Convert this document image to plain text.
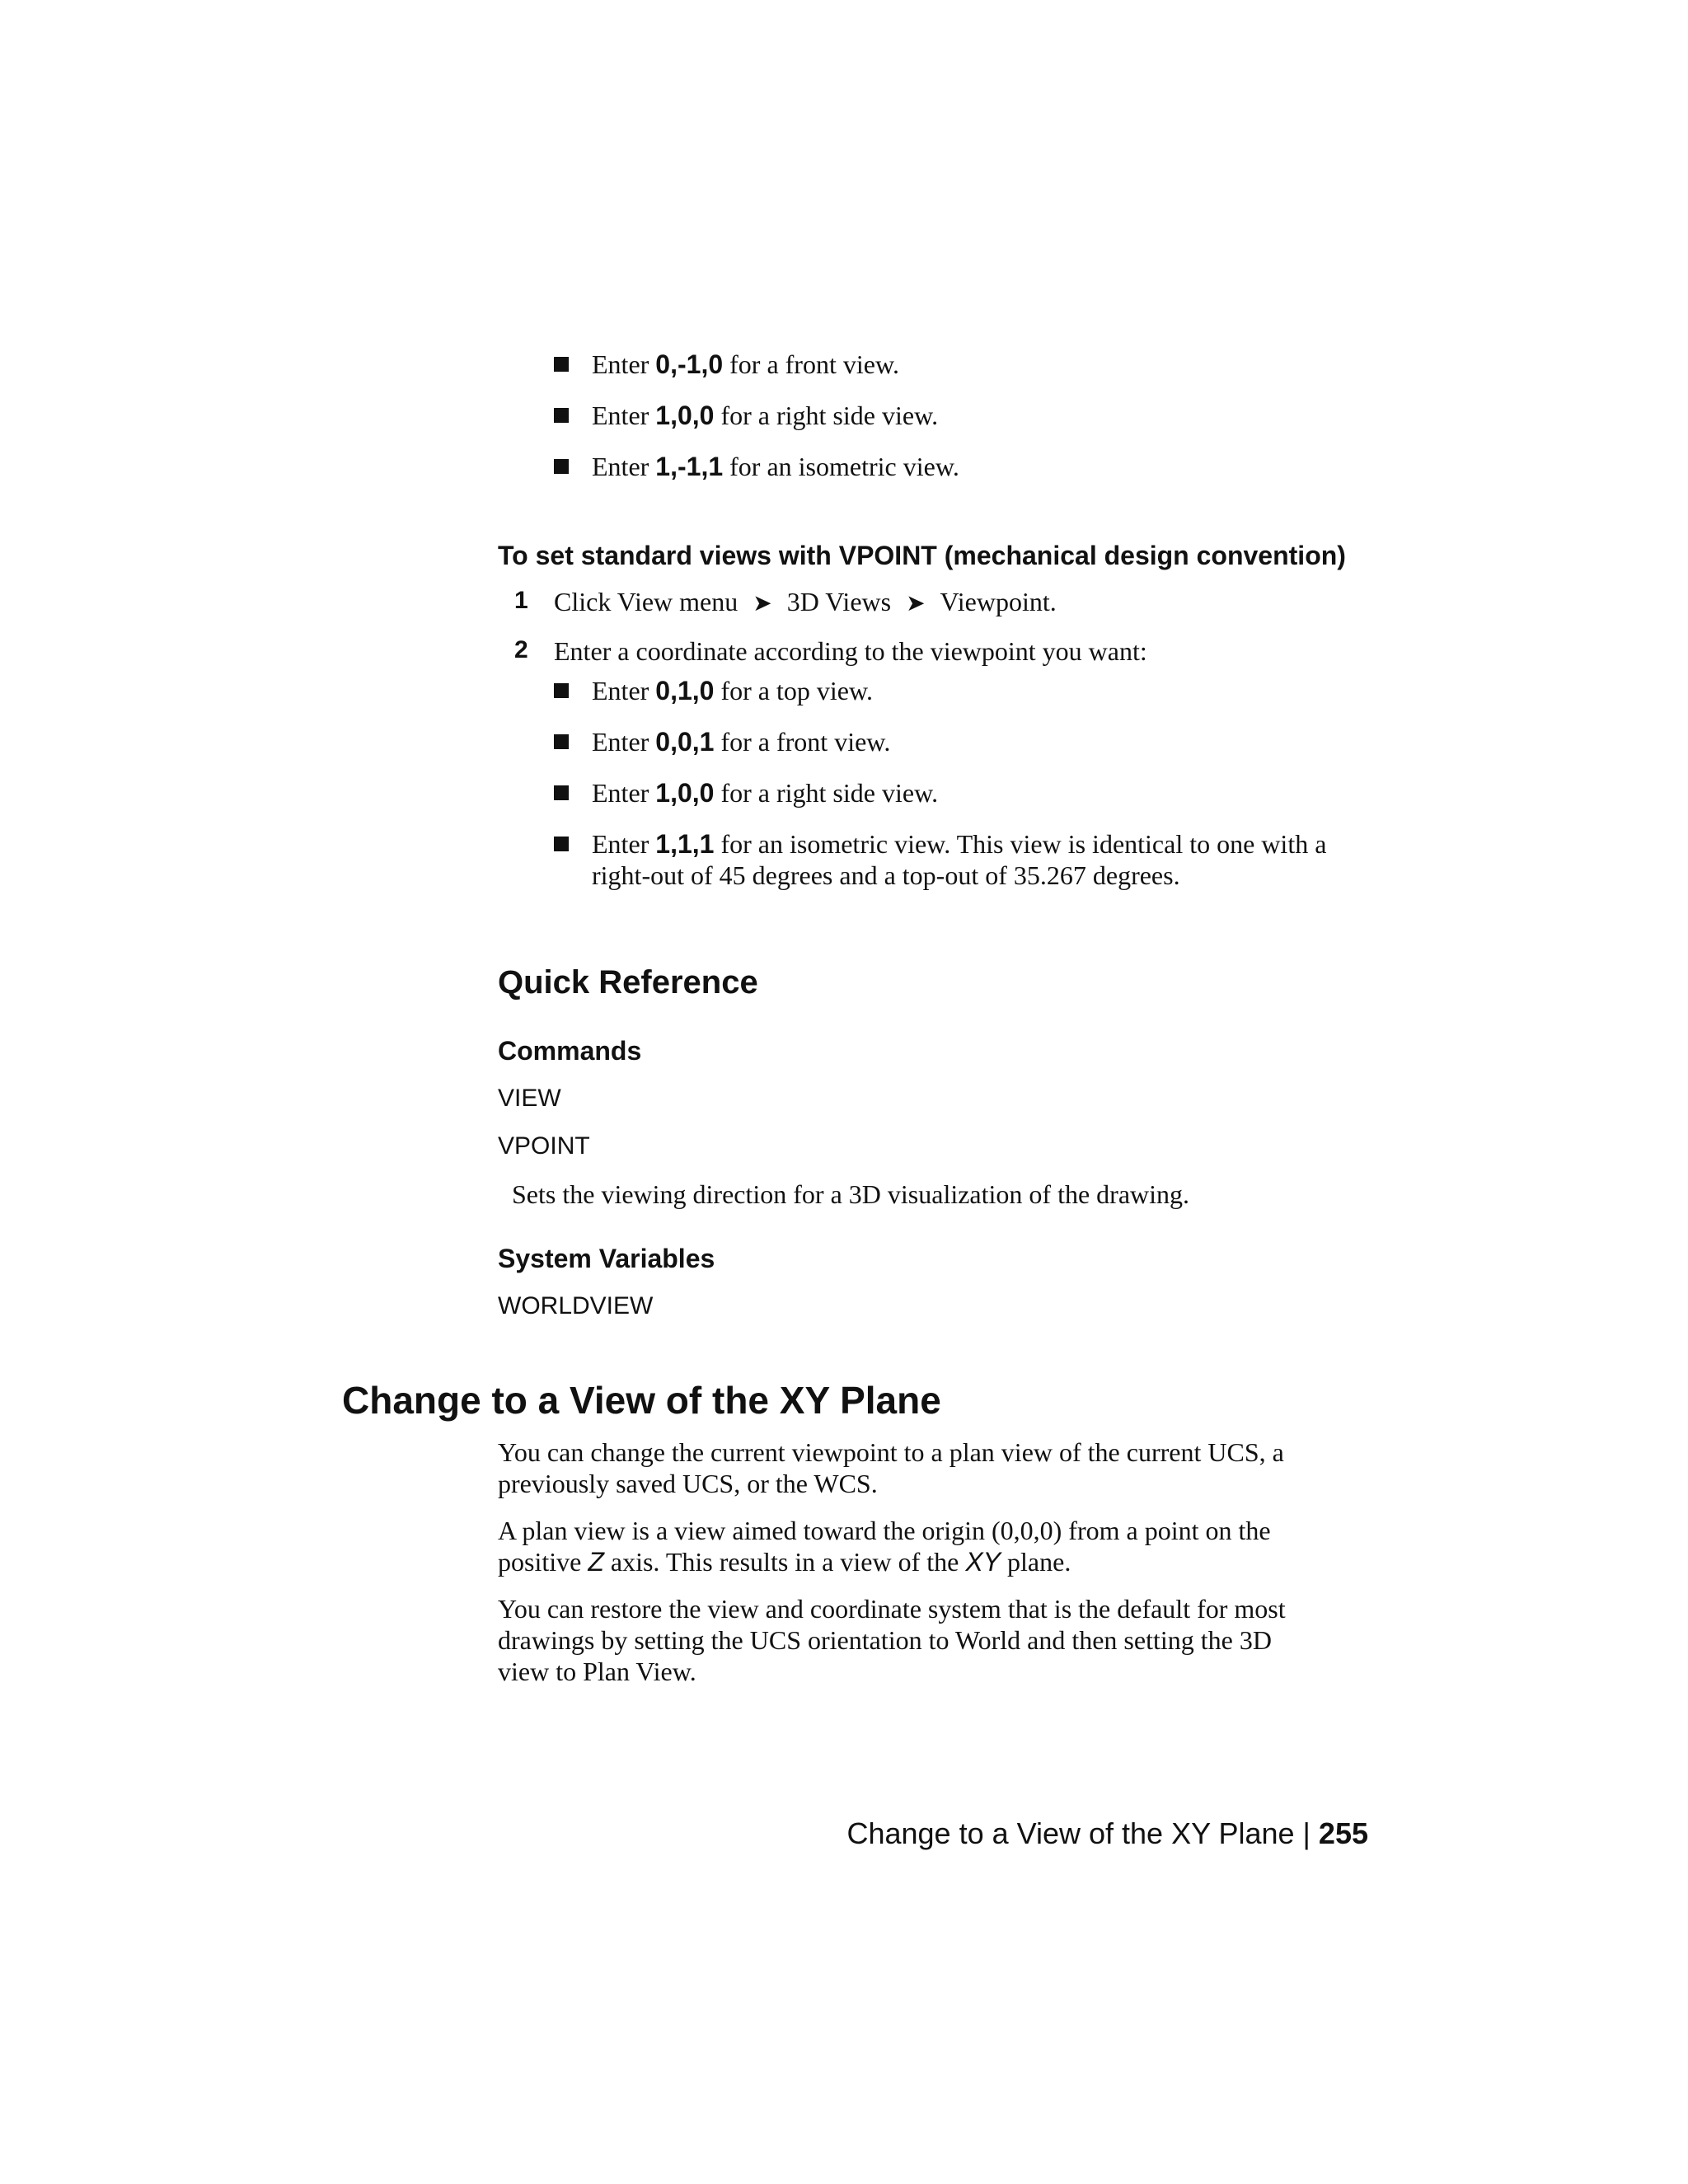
Enter 0,-1,0 for a front view.
Enter 1,0,0 for a right side view.
Enter 1,-1,1 for an isometric view.
To set standard views with VPOINT (mechanical design convention)
1 Click View menu ➤ 3D Views ➤ Viewpoint.
2 Enter a coordinate according to the viewpoint you want:
Enter 0,1,0 for a top view.
Enter 0,0,1 for a front view.
Enter 1,0,0 for a right side view.
Enter 1,1,1 for an isometric view. This view is identical to one with a
right-out of 45 degrees and a top-out of 35.267 degrees.
Quick Reference
Commands
VIEW
VPOINT
Sets the viewing direction for a 3D visualization of the drawing.
System Variables
WORLDVIEW
Change to a View of the XY Plane
You can change the current viewpoint to a plan view of the current UCS, a
previously saved UCS, or the WCS.
A plan view is a view aimed toward the origin (0,0,0) from a point on the
positive Z axis. This results in a view of the XY plane.
You can restore the view and coordinate system that is the default for most
drawings by setting the UCS orientation to World and then setting the 3D
view to Plan View.
Change to a View of the XY Plane | 255
